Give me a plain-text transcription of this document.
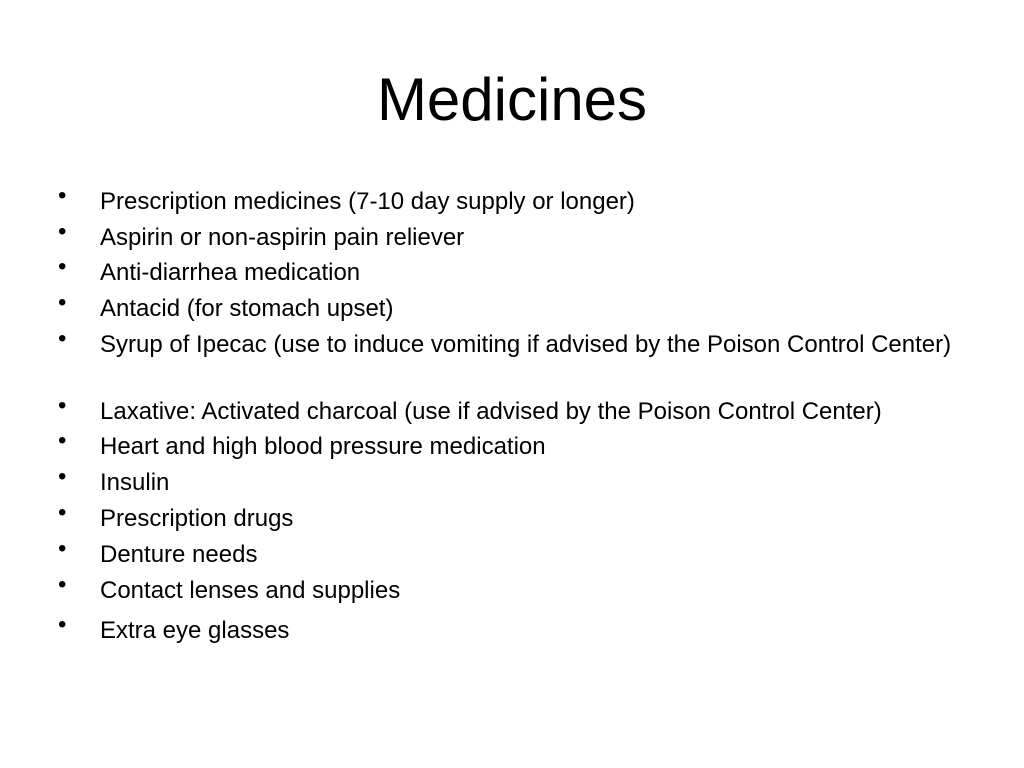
Medicines
• Prescription medicines (7-10 day supply or longer)
• Aspirin or non-aspirin pain reliever
• Anti-diarrhea medication
• Antacid (for stomach upset)
• Syrup of Ipecac (use to induce vomiting if advised by the Poison Control Center)
• Laxative: Activated charcoal (use if advised by the Poison Control Center)
• Heart and high blood pressure medication
• Insulin
• Prescription drugs
• Denture needs
• Contact lenses and supplies
• Extra eye glasses
